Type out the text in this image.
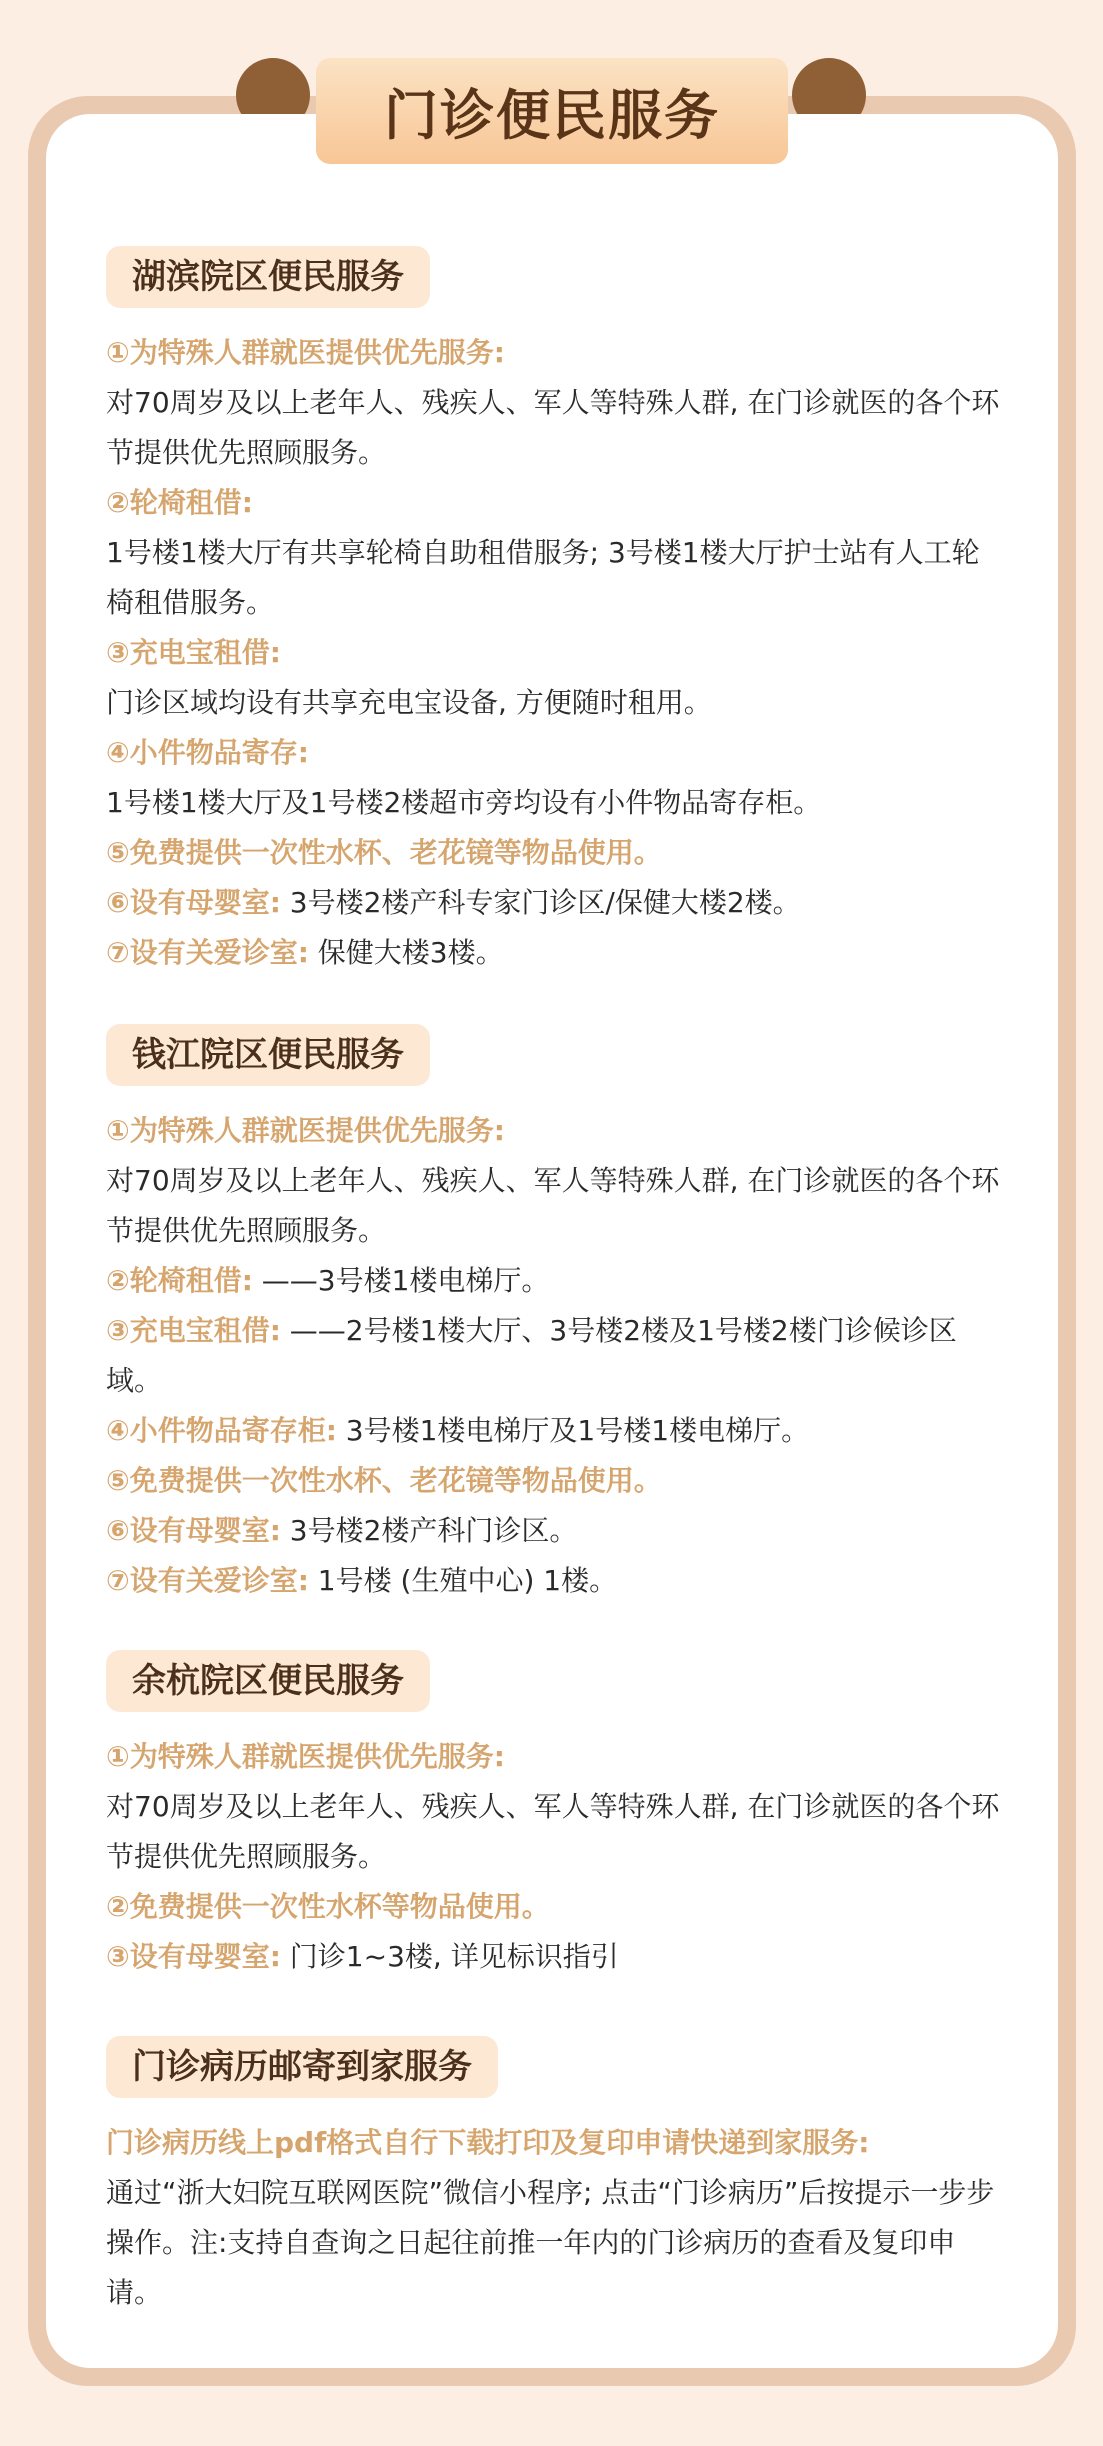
门诊便民服务
湖滨院区便民服务
①为特殊人群就医提供优先服务:
对70周岁及以上老年人、残疾人、军人等特殊人群, 在门诊就医的各个环节提供优先照顾服务。
②轮椅租借:
1号楼1楼大厅有共享轮椅自助租借服务; 3号楼1楼大厅护士站有人工轮椅租借服务。
③充电宝租借:
门诊区域均设有共享充电宝设备, 方便随时租用。
④小件物品寄存:
1号楼1楼大厅及1号楼2楼超市旁均设有小件物品寄存柜。
⑤免费提供一次性水杯、老花镜等物品使用。
⑥设有母婴室: 3号楼2楼产科专家门诊区/保健大楼2楼。
⑦设有关爱诊室: 保健大楼3楼。
钱江院区便民服务
①为特殊人群就医提供优先服务:
对70周岁及以上老年人、残疾人、军人等特殊人群, 在门诊就医的各个环节提供优先照顾服务。
②轮椅租借: ——3号楼1楼电梯厅。
③充电宝租借: ——2号楼1楼大厅、3号楼2楼及1号楼2楼门诊候诊区域。
④小件物品寄存柜: 3号楼1楼电梯厅及1号楼1楼电梯厅。
⑤免费提供一次性水杯、老花镜等物品使用。
⑥设有母婴室: 3号楼2楼产科门诊区。
⑦设有关爱诊室: 1号楼 (生殖中心) 1楼。
余杭院区便民服务
①为特殊人群就医提供优先服务:
对70周岁及以上老年人、残疾人、军人等特殊人群, 在门诊就医的各个环节提供优先照顾服务。
②免费提供一次性水杯等物品使用。
③设有母婴室: 门诊1~3楼, 详见标识指引
门诊病历邮寄到家服务
门诊病历线上pdf格式自行下载打印及复印申请快递到家服务:
通过“浙大妇院互联网医院”微信小程序; 点击“门诊病历”后按提示一步步操作。注:支持自查询之日起往前推一年内的门诊病历的查看及复印申请。
